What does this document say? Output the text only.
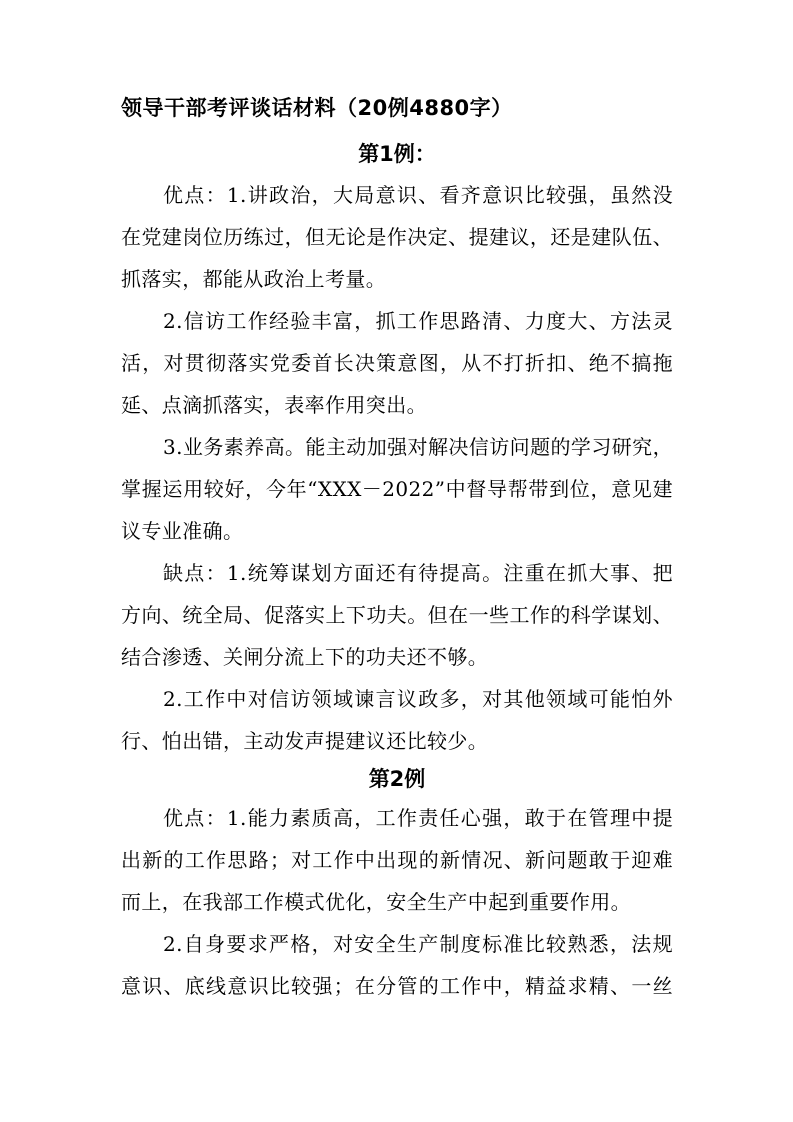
领导干部考评谈话材料（20例4880字）
第1例：
优点：1.讲政治，大局意识、看齐意识比较强，虽然没
在党建岗位历练过，但无论是作决定、提建议，还是建队伍、
抓落实，都能从政治上考量。
2.信访工作经验丰富，抓工作思路清、力度大、方法灵
活，对贯彻落实党委首长决策意图，从不打折扣、绝不搞拖
延、点滴抓落实，表率作用突出。
3.业务素养高。能主动加强对解决信访问题的学习研究，
掌握运用较好，今年“XXX－2022”中督导帮带到位，意见建
议专业准确。
缺点：1.统筹谋划方面还有待提高。注重在抓大事、把
方向、统全局、促落实上下功夫。但在一些工作的科学谋划、
结合渗透、关闸分流上下的功夫还不够。
2.工作中对信访领域谏言议政多，对其他领域可能怕外
行、怕出错，主动发声提建议还比较少。
第2例
优点：1.能力素质高，工作责任心强，敢于在管理中提
出新的工作思路；对工作中出现的新情况、新问题敢于迎难
而上，在我部工作模式优化，安全生产中起到重要作用。
2.自身要求严格，对安全生产制度标准比较熟悉，法规
意识、底线意识比较强；在分管的工作中，精益求精、一丝
